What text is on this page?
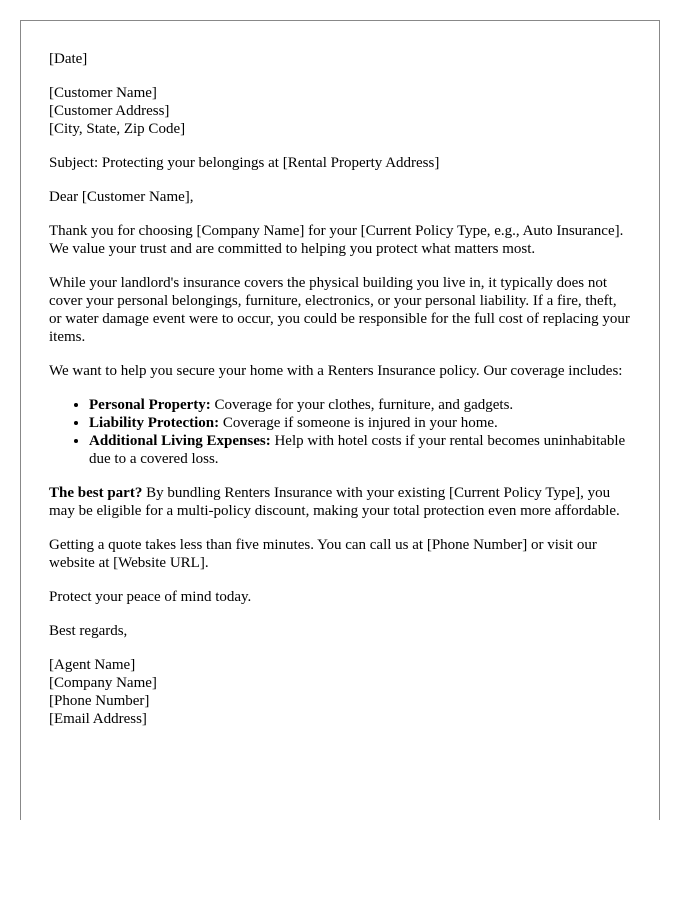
[Date]
[Customer Name]
[Customer Address]
[City, State, Zip Code]

Subject: Protecting your belongings at [Rental Property Address]

Dear [Customer Name],

Thank you for choosing [Company Name] for your [Current Policy Type, e.g., Auto Insurance]. We value your trust and are committed to helping you protect what matters most.

While your landlord's insurance covers the physical building you live in, it typically does not cover your personal belongings, furniture, electronics, or your personal liability. If a fire, theft, or water damage event were to occur, you could be responsible for the full cost of replacing your items.

We want to help you secure your home with a Renters Insurance policy. Our coverage includes:

• Personal Property: Coverage for your clothes, furniture, and gadgets.
• Liability Protection: Coverage if someone is injured in your home.
• Additional Living Expenses: Help with hotel costs if your rental becomes uninhabitable due to a covered loss.

The best part? By bundling Renters Insurance with your existing [Current Policy Type], you may be eligible for a multi-policy discount, making your total protection even more affordable.

Getting a quote takes less than five minutes. You can call us at [Phone Number] or visit our website at [Website URL].

Protect your peace of mind today.

Best regards,

[Agent Name]
[Company Name]
[Phone Number]
[Email Address]
